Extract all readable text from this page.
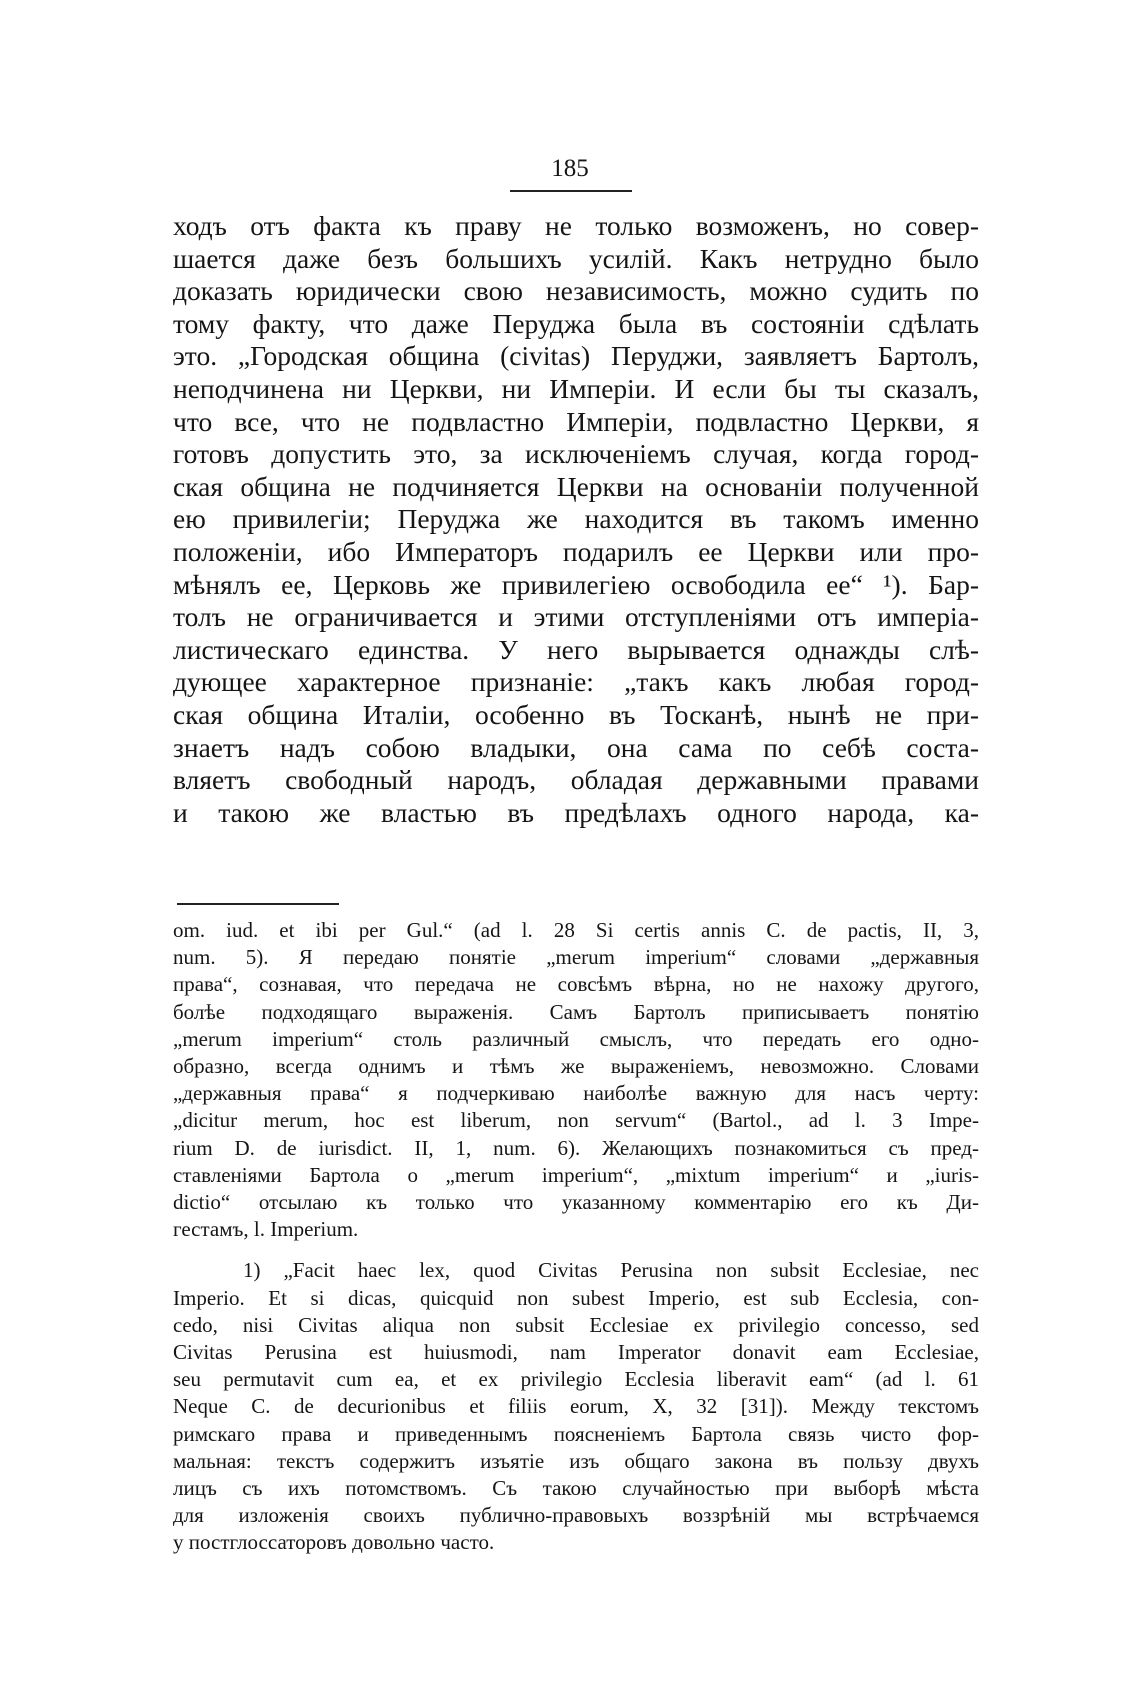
185
ходъ отъ факта къ праву не только возможенъ, но совер-
шается даже безъ большихъ усилій. Какъ нетрудно было
доказать юридически свою независимость, можно судить по
тому факту, что даже Перуджа была въ состояніи сдѣлать
это. „Городская община (civitas) Перуджи, заявляетъ Бартолъ,
неподчинена ни Церкви, ни Имперіи. И если бы ты сказалъ,
что все, что не подвластно Имперіи, подвластно Церкви, я
готовъ допустить это, за исключеніемъ случая, когда город-
ская община не подчиняется Церкви на основаніи полученной
ею привилегіи; Перуджа же находится въ такомъ именно
положеніи, ибо Императоръ подарилъ ее Церкви или про-
мѣнялъ ее, Церковь же привилегіею освободила ее“ ¹). Бар-
толъ не ограничивается и этими отступленіями отъ имперіа-
листическаго единства. У него вырывается однажды слѣ-
дующее характерное признаніе: „такъ какъ любая город-
ская община Италіи, особенно въ Тосканѣ, нынѣ не при-
знаетъ надъ собою владыки, она сама по себѣ соста-
вляетъ свободный народъ, обладая державными правами
и такою же властью въ предѣлахъ одного народа, ка-
om. iud. et ibi per Gul.“ (ad l. 28 Si certis annis C. de pactis, II, 3,
num. 5). Я передаю понятіе „merum imperium“ словами „державныя
права“, сознавая, что передача не совсѣмъ вѣрна, но не нахожу другого,
болѣе подходящаго выраженія. Самъ Бартолъ приписываетъ понятію
„merum imperium“ столь различный смыслъ, что передать его одно-
образно, всегда однимъ и тѣмъ же выраженіемъ, невозможно. Словами
„державныя права“ я подчеркиваю наиболѣе важную для насъ черту:
„dicitur merum, hoc est liberum, non servum“ (Bartol., ad l. 3 Impe-
rium D. de iurisdict. II, 1, num. 6). Желающихъ познакомиться съ пред-
ставленіями Бартола о „merum imperium“, „mixtum imperium“ и „iuris-
dictio“ отсылаю къ только что указанному комментарію его къ Ди-
гестамъ, l. Imperium.
1) „Facit haec lex, quod Civitas Perusina non subsit Ecclesiae, nec
Imperio. Et si dicas, quicquid non subest Imperio, est sub Ecclesia, con-
cedo, nisi Civitas aliqua non subsit Ecclesiae ex privilegio concesso, sed
Civitas Perusina est huiusmodi, nam Imperator donavit eam Ecclesiae,
seu permutavit cum ea, et ex privilegio Ecclesia liberavit eam“ (ad l. 61
Neque C. de decurionibus et filiis eorum, X, 32 [31]). Между текстомъ
римскаго права и приведеннымъ поясненіемъ Бартола связь чисто фор-
мальная: текстъ содержитъ изъятіе изъ общаго закона въ пользу двухъ
лицъ съ ихъ потомствомъ. Съ такою случайностью при выборѣ мѣста
для изложенія своихъ публично-правовыхъ воззрѣній мы встрѣчаемся
у постглоссаторовъ довольно часто.
